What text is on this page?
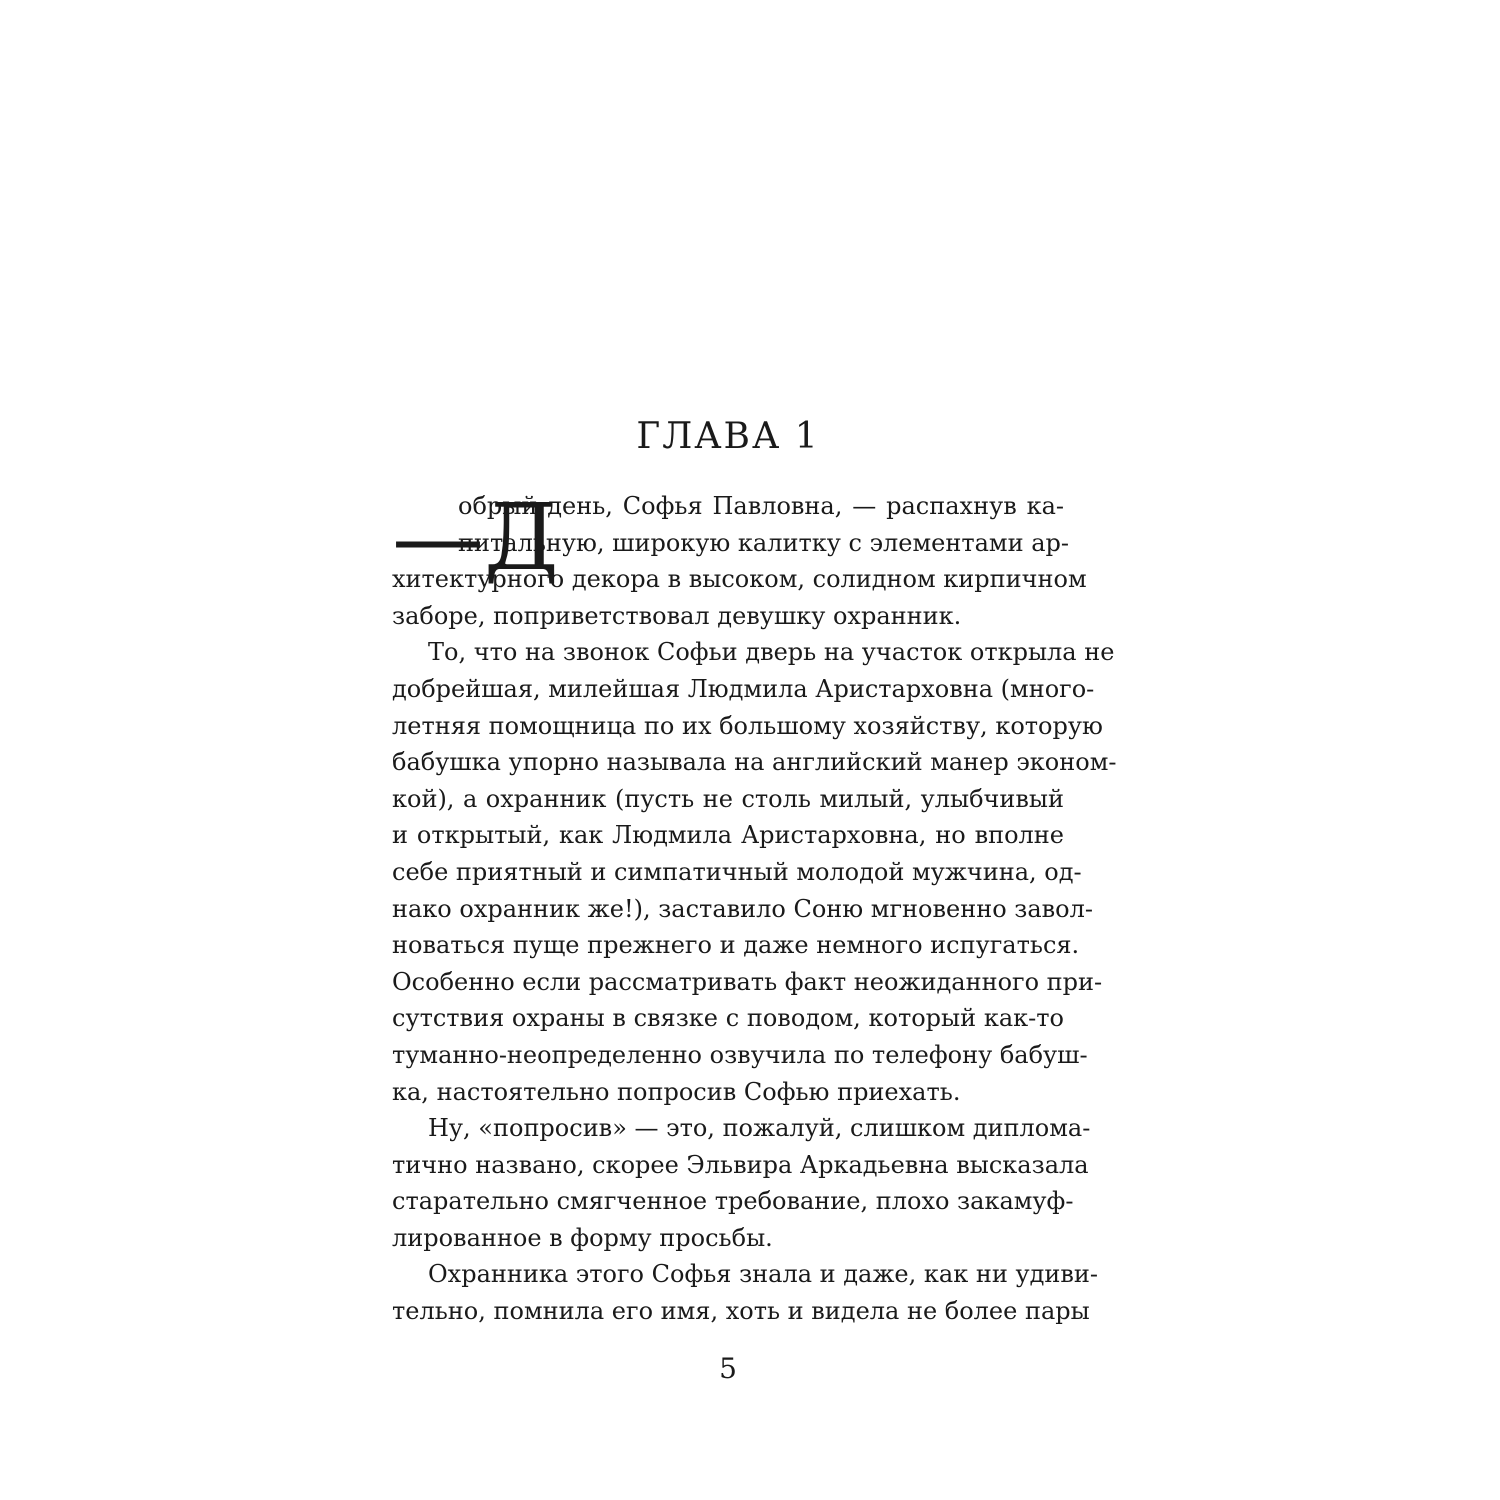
ГЛАВА 1
—Д
обрый день, Софья Павловна, — распахнув ка-
питальную, широкую калитку с элементами ар-
хитектурного декора в высоком, солидном кирпичном
заборе, поприветствовал девушку охранник.
То, что на звонок Софьи дверь на участок открыла не
добрейшая, милейшая Людмила Аристарховна (много-
летняя помощница по их большому хозяйству, которую
бабушка упорно называла на английский манер эконом-
кой), а охранник (пусть не столь милый, улыбчивый
и открытый, как Людмила Аристарховна, но вполне
себе приятный и симпатичный молодой мужчина, од-
нако охранник же!), заставило Соню мгновенно завол-
новаться пуще прежнего и даже немного испугаться.
Особенно если рассматривать факт неожиданного при-
сутствия охраны в связке с поводом, который как-то
туманно-неопределенно озвучила по телефону бабуш-
ка, настоятельно попросив Софью приехать.
Ну, «попросив» — это, пожалуй, слишком диплома-
тично названо, скорее Эльвира Аркадьевна высказала
старательно смягченное требование, плохо закамуф-
лированное в форму просьбы.
Охранника этого Софья знала и даже, как ни удиви-
тельно, помнила его имя, хоть и видела не более пары
5
